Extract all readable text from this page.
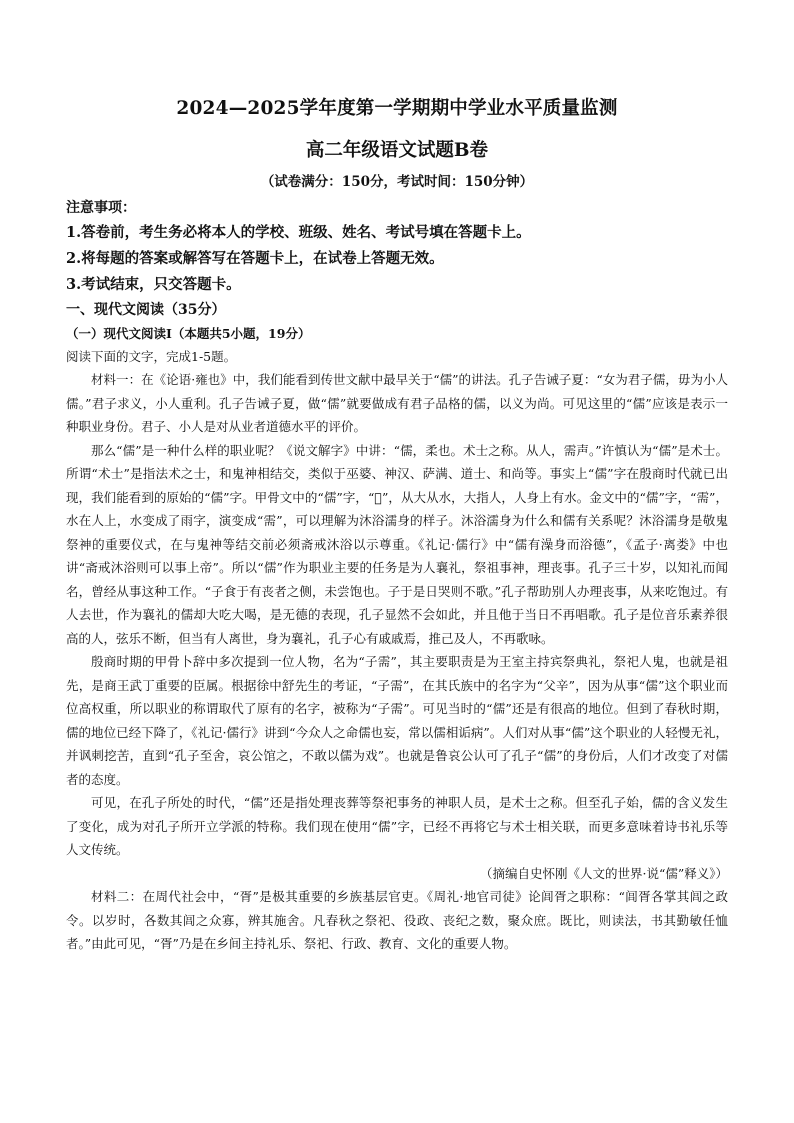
2024—2025学年度第一学期期中学业水平质量监测

高二年级语文试题B卷

（试卷满分：150分，考试时间：150分钟）

注意事项：

1.答卷前，考生务必将本人的学校、班级、姓名、考试号填在答题卡上。

2.将每题的答案或解答写在答题卡上，在试卷上答题无效。

3.考试结束，只交答题卡。

一、现代文阅读（35分）

（一）现代文阅读Ⅰ（本题共5小题，19分）

阅读下面的文字，完成1-5题。

材料一：在《论语·雍也》中，我们能看到传世文献中最早关于“儒”的讲法。孔子告诫子夏：“女为君子儒，毋为小人儒。”君子求义，小人重利。孔子告诫子夏，做“儒”就要做成有君子品格的儒，以义为尚。可见这里的“儒”应该是表示一种职业身份。君子、小人是对从业者道德水平的评价。

那么“儒”是一种什么样的职业呢？《说文解字》中讲：“儒，柔也。术士之称。从人，需声。”许慎认为“儒”是术士。所谓“术士”是指法术之士，和鬼神相结交，类似于巫婆、神汉、萨满、道士、和尚等。事实上“儒”字在殷商时代就已出现，我们能看到的原始的“儒”字。甲骨文中的“儒”字，“𠆧”，从大从水，大指人，人身上有水。金文中的“儒”字，“需”，水在人上，水变成了雨字，演变成“需”，可以理解为沐浴濡身的样子。沐浴濡身为什么和儒有关系呢？沐浴濡身是敬鬼祭神的重要仪式，在与鬼神等结交前必须斋戒沐浴以示尊重。《礼记·儒行》中“儒有澡身而浴德”，《孟子·离娄》中也讲“斋戒沐浴则可以事上帝”。所以“儒”作为职业主要的任务是为人襄礼，祭祖事神，理丧事。孔子三十岁，以知礼而闻名，曾经从事这种工作。“子食于有丧者之侧，未尝饱也。子于是日哭则不歌。”孔子帮助别人办理丧事，从来吃饱过。有人去世，作为襄礼的儒却大吃大喝，是无德的表现，孔子显然不会如此，并且他于当日不再唱歌。孔子是位音乐素养很高的人，弦乐不断，但当有人离世，身为襄礼，孔子心有戚戚焉，推己及人，不再歌咏。

殷商时期的甲骨卜辞中多次提到一位人物，名为“子需”，其主要职责是为王室主持宾祭典礼，祭祀人鬼，也就是祖先，是商王武丁重要的臣属。根据徐中舒先生的考证，“子需”，在其氏族中的名字为“父辛”，因为从事“儒”这个职业而位高权重，所以职业的称谓取代了原有的名字，被称为“子需”。可见当时的“儒”还是有很高的地位。但到了春秋时期，儒的地位已经下降了，《礼记·儒行》讲到“今众人之命儒也妄，常以儒相诟病”。人们对从事“儒”这个职业的人轻慢无礼，并讽刺挖苦，直到“孔子至舍，哀公馆之，不敢以儒为戏”。也就是鲁哀公认可了孔子“儒”的身份后，人们才改变了对儒者的态度。

可见，在孔子所处的时代，“儒”还是指处理丧葬等祭祀事务的神职人员，是术士之称。但至孔子始，儒的含义发生了变化，成为对孔子所开立学派的特称。我们现在使用“儒”字，已经不再将它与术士相关联，而更多意味着诗书礼乐等人文传统。

（摘编自史怀刚《人文的世界·说“儒”释义》）

材料二：在周代社会中，“胥”是极其重要的乡族基层官吏。《周礼·地官司徒》论闾胥之职称：“闾胥各掌其闾之政令。以岁时，各数其闾之众寡，辨其施舍。凡春秋之祭祀、役政、丧纪之数，聚众庶。既比，则读法，书其勤敏任恤者。”由此可见，“胥”乃是在乡间主持礼乐、祭祀、行政、教育、文化的重要人物。
